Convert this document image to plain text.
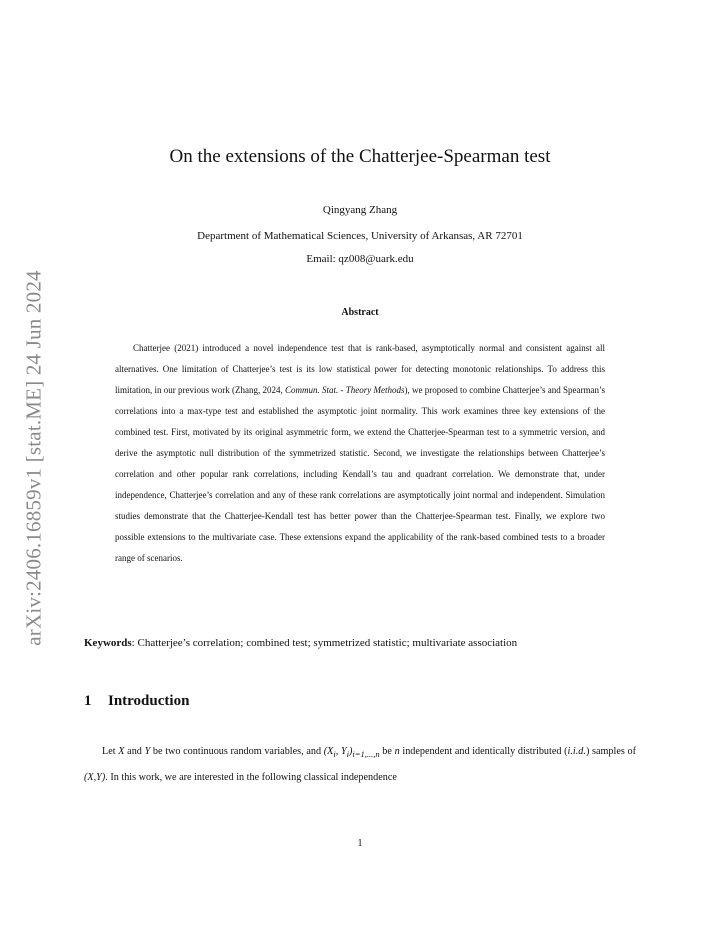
arXiv:2406.16859v1 [stat.ME] 24 Jun 2024
On the extensions of the Chatterjee-Spearman test
Qingyang Zhang
Department of Mathematical Sciences, University of Arkansas, AR 72701
Email: qz008@uark.edu
Abstract
Chatterjee (2021) introduced a novel independence test that is rank-based, asymptotically normal and consistent against all alternatives. One limitation of Chatterjee’s test is its low statistical power for detecting monotonic relationships. To address this limitation, in our previous work (Zhang, 2024, Commun. Stat. - Theory Methods), we proposed to combine Chatterjee’s and Spearman’s correlations into a max-type test and established the asymptotic joint normality. This work examines three key extensions of the combined test. First, motivated by its original asymmetric form, we extend the Chatterjee-Spearman test to a symmetric version, and derive the asymptotic null distribution of the symmetrized statistic. Second, we investigate the relationships between Chatterjee’s correlation and other popular rank correlations, including Kendall’s tau and quadrant correlation. We demonstrate that, under independence, Chatterjee’s correlation and any of these rank correlations are asymptotically joint normal and independent. Simulation studies demonstrate that the Chatterjee-Kendall test has better power than the Chatterjee-Spearman test. Finally, we explore two possible extensions to the multivariate case. These extensions expand the applicability of the rank-based combined tests to a broader range of scenarios.
Keywords: Chatterjee’s correlation; combined test; symmetrized statistic; multivariate association
1 Introduction
Let X and Y be two continuous random variables, and ($X_i$, $Y_i)_{i=1,...,n}$ be n independent and identically distributed (i.i.d.) samples of (X,Y). In this work, we are interested in the following classical independence
1
